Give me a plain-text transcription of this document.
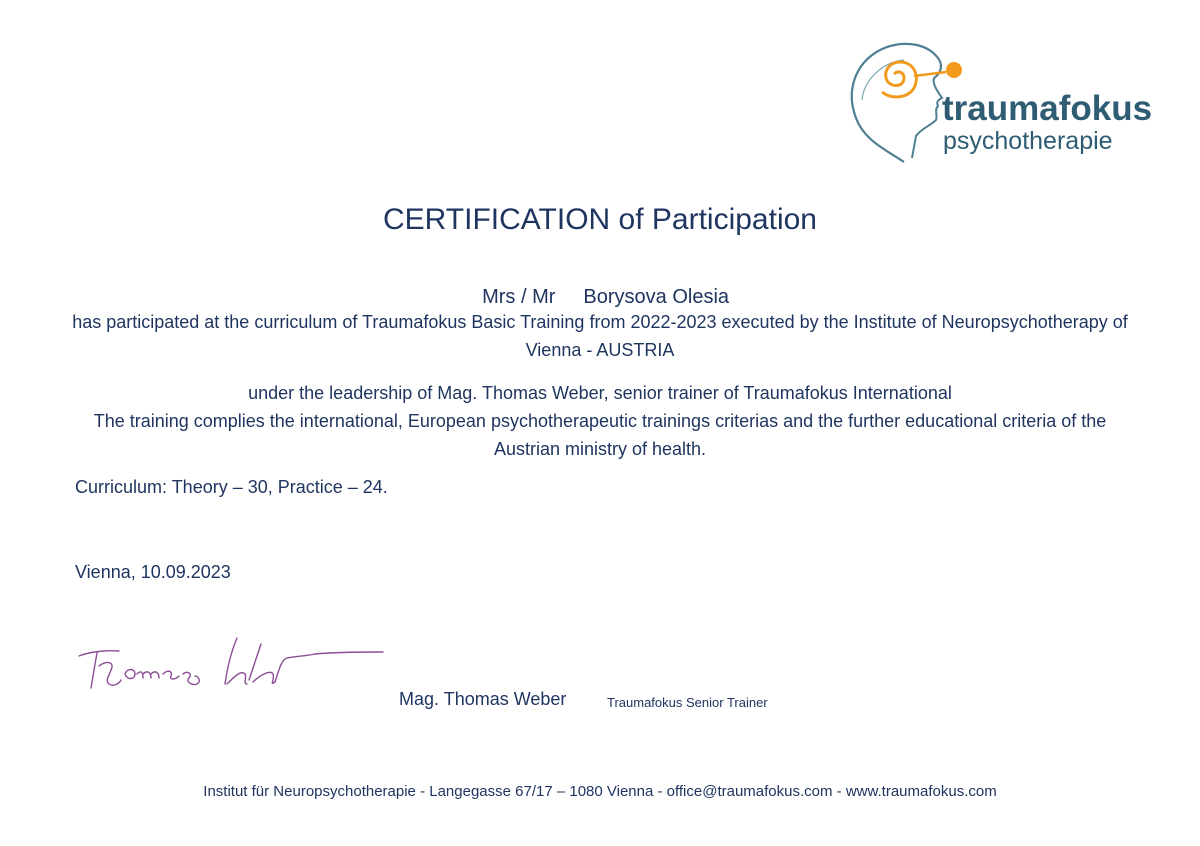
traumafokus
psychotherapie
CERTIFICATION of Participation

Mrs / Mr Borysova Olesia

has participated at the curriculum of Traumafokus Basic Training from 2022-2023 executed by the Institute of Neuropsychotherapy of Vienna - AUSTRIA
under the leadership of Mag. Thomas Weber, senior trainer of Traumafokus International
The training complies the international, European psychotherapeutic trainings criterias and the further educational criteria of the Austrian ministry of health.
Curriculum: Theory – 30, Practice – 24.
Vienna, 10.09.2023
Mag. Thomas Weber	Traumafokus Senior Trainer
Institut für Neuropsychotherapie - Langegasse 67/17 – 1080 Vienna - office@traumafokus.com - www.traumafokus.com
